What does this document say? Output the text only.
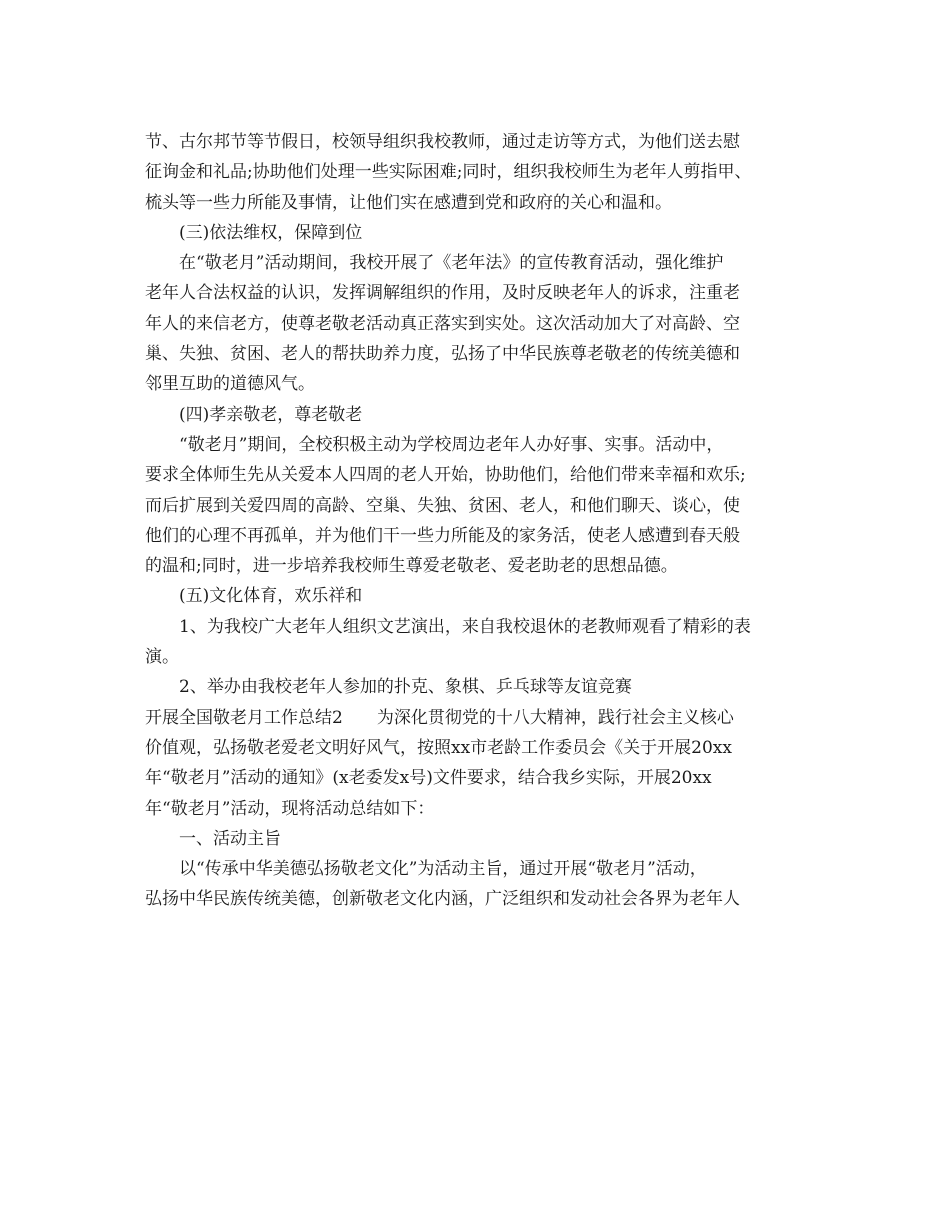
节、古尔邦节等节假日，校领导组织我校教师，通过走访等方式，为他们送去慰
征询金和礼品;协助他们处理一些实际困难;同时，组织我校师生为老年人剪指甲、
梳头等一些力所能及事情，让他们实在感遭到党和政府的关心和温和。
(三)依法维权，保障到位
在“敬老月”活动期间，我校开展了《老年法》的宣传教育活动，强化维护
老年人合法权益的认识，发挥调解组织的作用，及时反映老年人的诉求，注重老
年人的来信老方，使尊老敬老活动真正落实到实处。这次活动加大了对高龄、空
巢、失独、贫困、老人的帮扶助养力度，弘扬了中华民族尊老敬老的传统美德和
邻里互助的道德风气。
(四)孝亲敬老，尊老敬老
“敬老月”期间，全校积极主动为学校周边老年人办好事、实事。活动中，
要求全体师生先从关爱本人四周的老人开始，协助他们，给他们带来幸福和欢乐;
而后扩展到关爱四周的高龄、空巢、失独、贫困、老人，和他们聊天、谈心，使
他们的心理不再孤单，并为他们干一些力所能及的家务活，使老人感遭到春天般
的温和;同时，进一步培养我校师生尊爱老敬老、爱老助老的思想品德。
(五)文化体育，欢乐祥和
1、为我校广大老年人组织文艺演出，来自我校退休的老教师观看了精彩的表
演。
2、举办由我校老年人参加的扑克、象棋、乒乓球等友谊竞赛
开展全国敬老月工作总结2　　为深化贯彻党的十八大精神，践行社会主义核心
价值观，弘扬敬老爱老文明好风气，按照xx市老龄工作委员会《关于开展20xx
年“敬老月”活动的通知》(x老委发x号)文件要求，结合我乡实际，开展20xx
年“敬老月”活动，现将活动总结如下：
一、活动主旨
以“传承中华美德弘扬敬老文化”为活动主旨，通过开展“敬老月”活动，
弘扬中华民族传统美德，创新敬老文化内涵，广泛组织和发动社会各界为老年人
